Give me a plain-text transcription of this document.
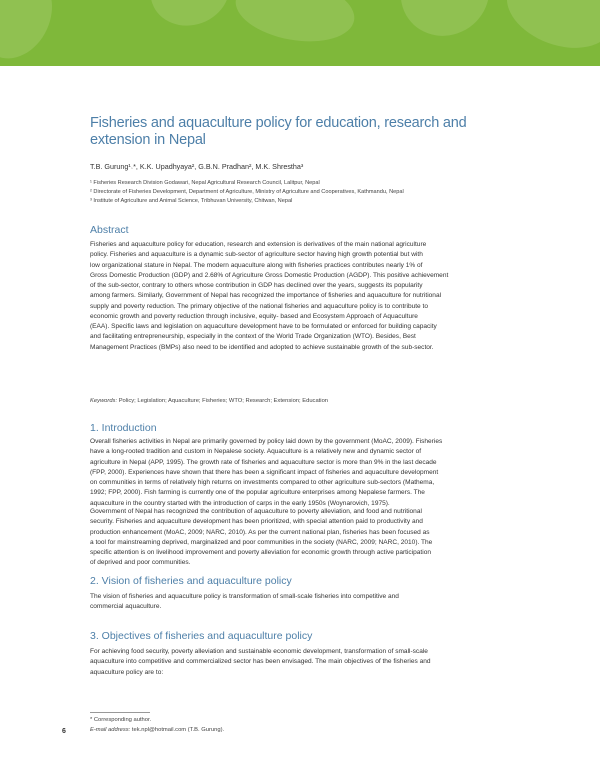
Fisheries and aquaculture policy for education, research and extension in Nepal
T.B. Gurung¹˒*, K.K. Upadhyaya², G.B.N. Pradhan², M.K. Shrestha³
¹ Fisheries Research Division Godawari, Nepal Agricultural Research Council, Lalitpur, Nepal
² Directorate of Fisheries Development, Department of Agriculture, Ministry of Agriculture and Cooperatives, Kathmandu, Nepal
³ Institute of Agriculture and Animal Science, Tribhuvan University, Chitwan, Nepal
Abstract
Fisheries and aquaculture policy for education, research and extension is derivatives of the main national agriculture
policy. Fisheries and aquaculture is a dynamic sub-sector of agriculture sector having high growth potential but with
low organizational stature in Nepal. The modern aquaculture along with fisheries practices contributes nearly 1% of
Gross Domestic Production (GDP) and 2.68% of Agriculture Gross Domestic Production (AGDP). This positive achievement
of the sub-sector, contrary to others whose contribution in GDP has declined over the years, suggests its popularity
among farmers. Similarly, Government of Nepal has recognized the importance of fisheries and aquaculture for nutritional
supply and poverty reduction. The primary objective of the national fisheries and aquaculture policy is to contribute to
economic growth and poverty reduction through inclusive, equity- based and Ecosystem Approach of Aquaculture
(EAA). Specific laws and legislation on aquaculture development have to be formulated or enforced for building capacity
and facilitating entrepreneurship, especially in the context of the World Trade Organization (WTO). Besides, Best
Management Practices (BMPs) also need to be identified and adopted to achieve sustainable growth of the sub-sector.
Keywords: Policy; Legislation; Aquaculture; Fisheries; WTO; Research; Extension; Education
1. Introduction
Overall fisheries activities in Nepal are primarily governed by policy laid down by the government (MoAC, 2009). Fisheries
have a long-rooted tradition and custom in Nepalese society. Aquaculture is a relatively new and dynamic sector of
agriculture in Nepal (APP, 1995). The growth rate of fisheries and aquaculture sector is more than 9% in the last decade
(FPP, 2000). Experiences have shown that there has been a significant impact of fisheries and aquaculture development
on communities in terms of relatively high returns on investments compared to other agriculture sub-sectors (Mathema,
1992; FPP, 2000). Fish farming is currently one of the popular agriculture enterprises among Nepalese farmers. The
aquaculture in the country started with the introduction of carps in the early 1950s (Woynarovich, 1975).
Government of Nepal has recognized the contribution of aquaculture to poverty alleviation, and food and nutritional
security. Fisheries and aquaculture development has been prioritized, with special attention paid to productivity and
production enhancement (MoAC, 2009; NARC, 2010). As per the current national plan, fisheries has been focused as
a tool for mainstreaming deprived, marginalized and poor communities in the society (NARC, 2009; NARC, 2010). The
specific attention is on livelihood improvement and poverty alleviation for economic growth through active participation
of deprived and poor communities.
2. Vision of fisheries and aquaculture policy
The vision of fisheries and aquaculture policy is transformation of small-scale fisheries into competitive and
commercial aquaculture.
3. Objectives of fisheries and aquaculture policy
For achieving food security, poverty alleviation and sustainable economic development, transformation of small-scale
aquaculture into competitive and commercialized sector has been envisaged. The main objectives of the fisheries and
aquaculture policy are to:
* Corresponding author.
E-mail address: tek.npl@hotmail.com (T.B. Gurung).
6
